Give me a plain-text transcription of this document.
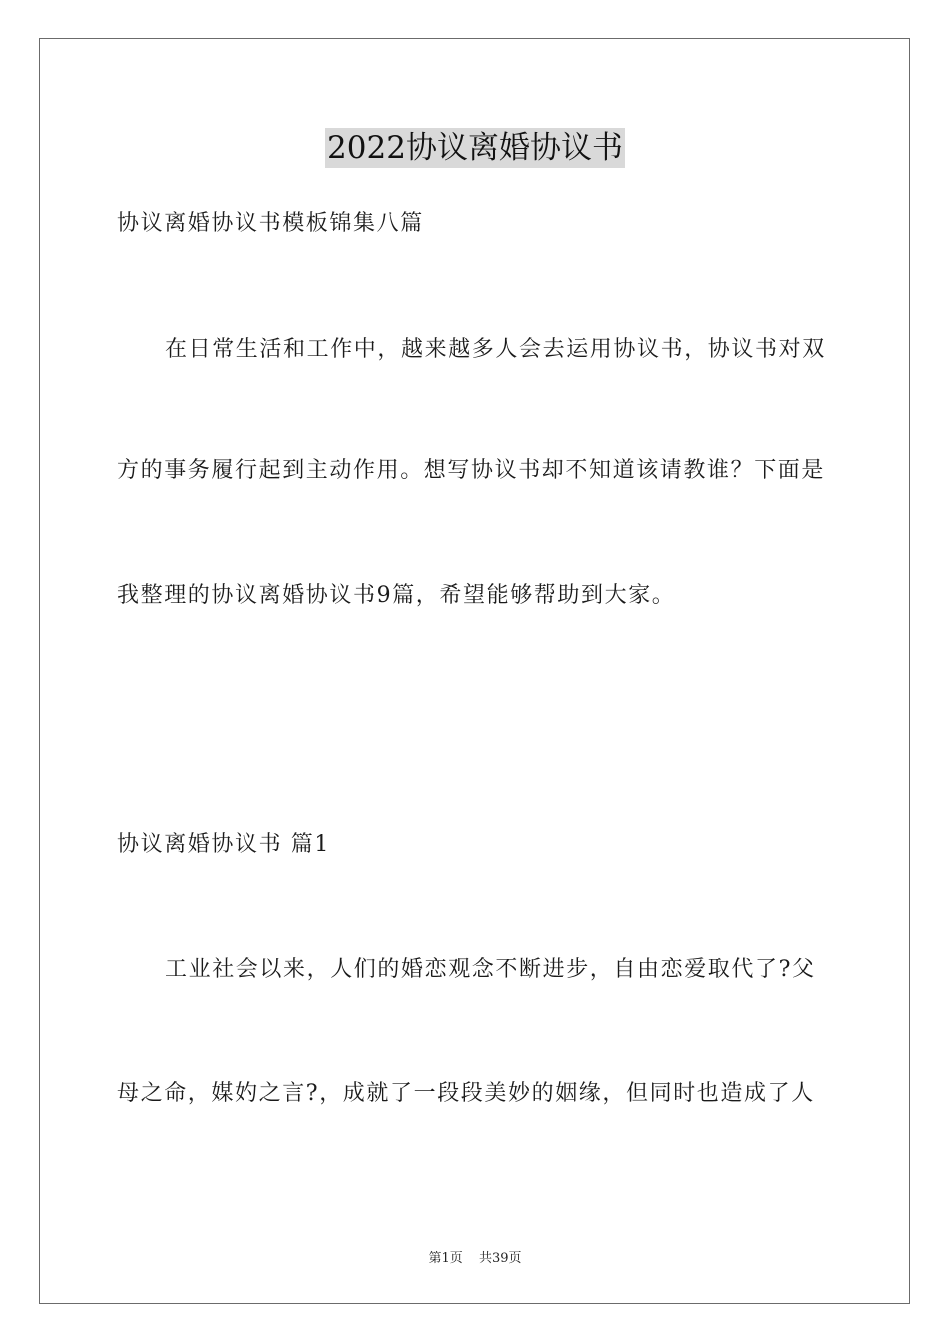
2022协议离婚协议书
协议离婚协议书模板锦集八篇
在日常生活和工作中，越来越多人会去运用协议书，协议书对双
方的事务履行起到主动作用。想写协议书却不知道该请教谁？下面是
我整理的协议离婚协议书9篇，希望能够帮助到大家。
协议离婚协议书 篇1
工业社会以来，人们的婚恋观念不断进步，自由恋爱取代了?父
母之命，媒妁之言?，成就了一段段美妙的姻缘，但同时也造成了人
第1页 共39页
